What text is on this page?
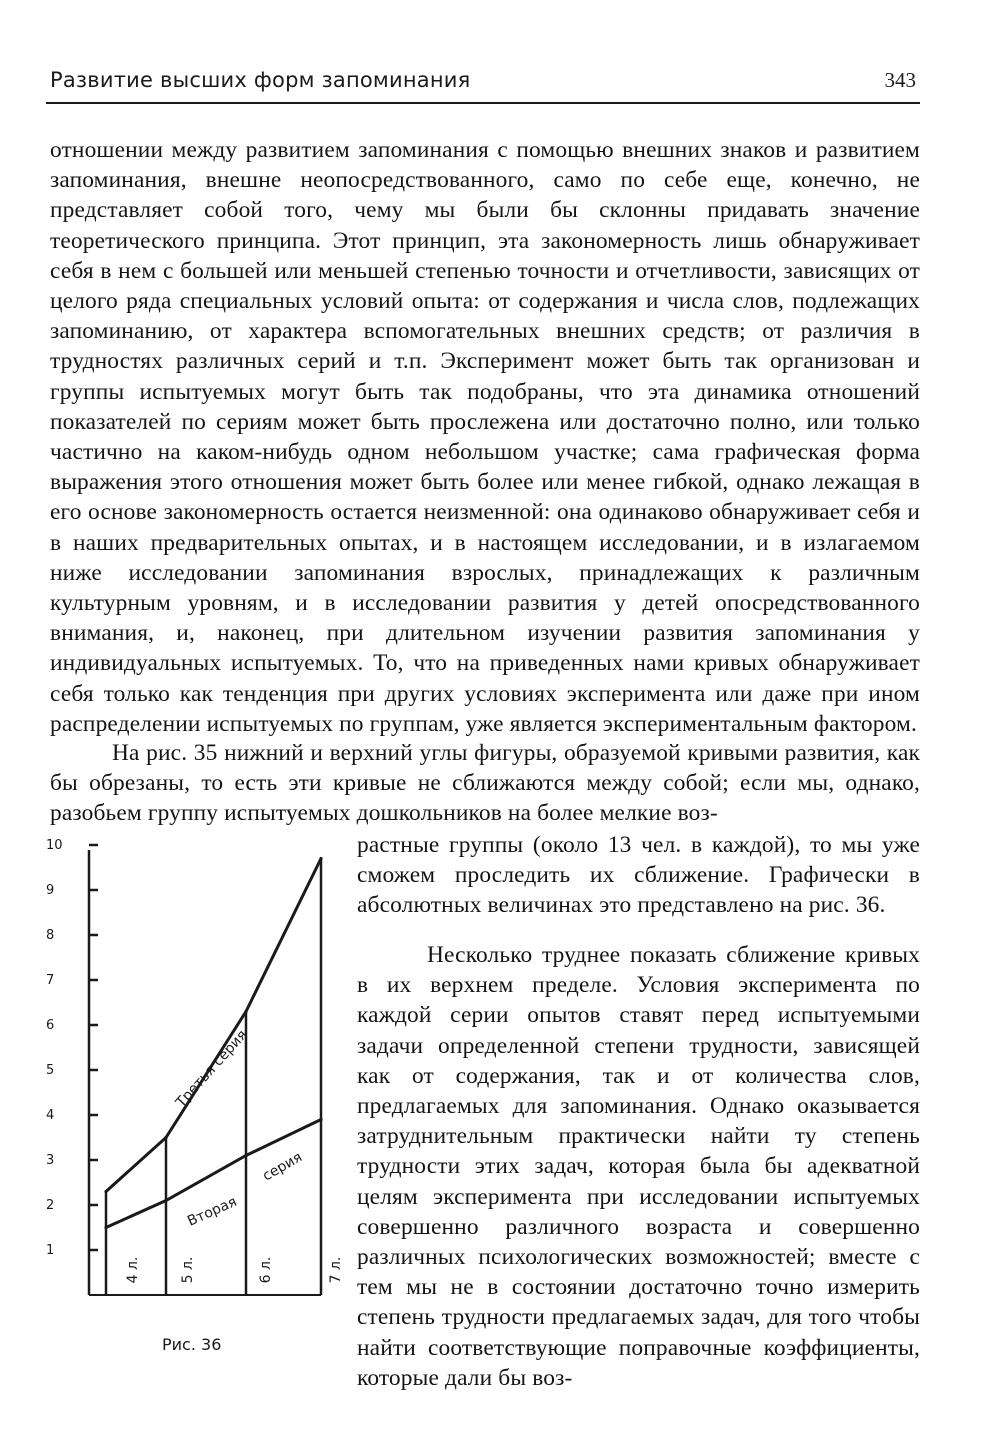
Развитие высших форм запоминания	343

отношении между развитием запоминания с помощью внешних знаков и развитием запоминания, внешне неопосредствованного, само по себе еще, конечно, не представляет собой того, чему мы были бы склонны придавать значение теоретического принципа. Этот принцип, эта закономерность лишь обнаруживает себя в нем с большей или меньшей степенью точности и отчетливости, зависящих от целого ряда специальных условий опыта: от содержания и числа слов, подлежащих запоминанию, от характера вспомогательных внешних средств; от различия в трудностях различных серий и т.п. Эксперимент может быть так организован и группы испытуемых могут быть так подобраны, что эта динамика отношений показателей по сериям может быть прослежена или достаточно полно, или только частично на каком-нибудь одном небольшом участке; сама графическая форма выражения этого отношения может быть более или менее гибкой, однако лежащая в его основе закономерность остается неизменной: она одинаково обнаруживает себя и в наших предварительных опытах, и в настоящем исследовании, и в излагаемом ниже исследовании запоминания взрослых, принадлежащих к различным культурным уровням, и в исследовании развития у детей опосредствованного внимания, и, наконец, при длительном изучении развития запоминания у индивидуальных испытуемых. То, что на приведенных нами кривых обнаруживает себя только как тенденция при других условиях эксперимента или даже при ином распределении испытуемых по группам, уже является экспериментальным фактором.

На рис. 35 нижний и верхний углы фигуры, образуемой кривыми развития, как бы обрезаны, то есть эти кривые не сближаются между собой; если мы, однако, разобьем группу испытуемых дошкольников на более мелкие воз-

растные группы (около 13 чел. в каждой), то мы уже сможем проследить их сближение. Графически в абсолютных величинах это представлено на рис. 36.

Несколько труднее показать сближение кривых в их верхнем пределе. Условия эксперимента по каждой серии опытов ставят перед испытуемыми задачи определенной степени трудности, зависящей как от содержания, так и от количества слов, предлагаемых для запоминания. Однако оказывается затруднительным практически найти ту степень трудности этих задач, которая была бы адекватной целям эксперимента при исследовании испытуемых совершенно различного возраста и совершенно различных психологических возможностей; вместе с тем мы не в состоянии достаточно точно измерить степень трудности предлагаемых задач, для того чтобы найти соответствующие поправочные коэффициенты, которые дали бы воз-

10
9
8
7
6
5
4
3
2
1
4 л.	5 л.	6 л.	7 л.
Третья серия
Вторая
серия
Рис. 36
